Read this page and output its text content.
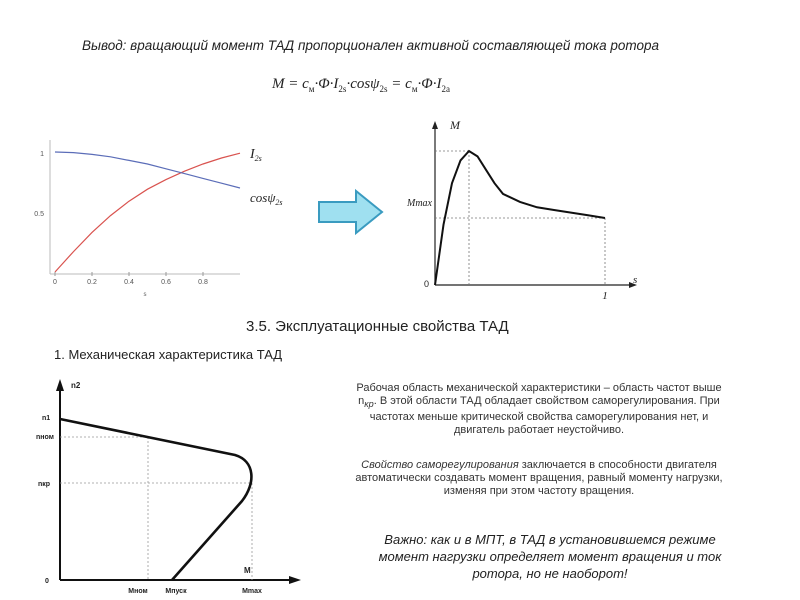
Вывод: вращающий момент ТАД пропорционален активной составляющей тока ротора
$M = c_м\cdot\Phi\cdot I_{2s}\cdot\cos\psi_{2s} = c_м\cdot\Phi\cdot I_{2a}$
1
0.5
0	0.2	0.4	0.6	0.8
s
$I_{2s}$
cosψ$_{2s}$
M
s
Mmax
0
1
3.5. Эксплуатационные свойства ТАД
1. Механическая характеристика ТАД
n2
n1
nном
nкр
0
M
Mном	Mпуск	Mmax
Рабочая область механической характеристики – область частот выше $n_{кр}$. В этой области ТАД обладает свойством саморегулирования. При частотах меньше критической свойства саморегулирования нет, и двигатель работает неустойчиво.
Свойство саморегулирования заключается в способности двигателя автоматически создавать момент вращения, равный моменту нагрузки, изменяя при этом частоту вращения.
Важно: как и в МПТ, в ТАД в установившемся режиме момент нагрузки определяет момент вращения и ток ротора, но не наоборот!
